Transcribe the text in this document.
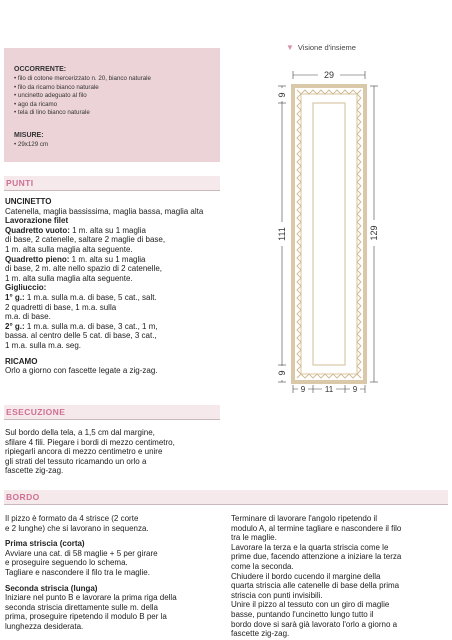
OCCORRENTE:
• filo di cotone mercerizzato n. 20, bianco naturale
• filo da ricamo bianco naturale
• uncinetto adeguato al filo
• ago da ricamo
• tela di lino bianco naturale
MISURE:
• 29x129 cm
▼ Visione d'insieme
29
9
111
9
129
9 11 9
PUNTI

UNCINETTO

Catenella, maglia bassissima, maglia bassa, maglia alta

Lavorazione filet

Quadretto vuoto: 1 m. alta su 1 maglia

di base, 2 catenelle, saltare 2 maglie di base,

1 m. alta sulla maglia alta seguente.

Quadretto pieno: 1 m. alta su 1 maglia

di base, 2 m. alte nello spazio di 2 catenelle,

1 m. alta sulla maglia alta seguente.

Gigliuccio:

1° g.: 1 m.a. sulla m.a. di base, 5 cat., salt.

2 quadretti di base, 1 m.a. sulla

m.a. di base.

2° g.: 1 m.a. sulla m.a. di base, 3 cat., 1 m,

bassa. al centro delle 5 cat. di base, 3 cat.,

1 m.a. sulla m.a. seg.

RICAMO

Orlo a giorno con fascette legate a zig-zag.

ESECUZIONE

Sul bordo della tela, a 1,5 cm dal margine,

sfilare 4 fili. Piegare i bordi di mezzo centimetro,

ripiegarli ancora di mezzo centimetro e unire

gli strati del tessuto ricamando un orlo a

fascette zig-zag.

BORDO

Il pizzo è formato da 4 strisce (2 corte

e 2 lunghe) che si lavorano in sequenza.

Prima striscia (corta)

Avviare una cat. di 58 maglie + 5 per girare

e proseguire seguendo lo schema.

Tagliare e nascondere il filo tra le maglie.

Seconda striscia (lunga)

Iniziare nel punto B e lavorare la prima riga della

seconda striscia direttamente sulle m. della

prima, proseguire ripetendo il modulo B per la

lunghezza desiderata.

Terminare di lavorare l'angolo ripetendo il

modulo A, al termine tagliare e nascondere il filo

tra le maglie.

Lavorare la terza e la quarta striscia come le

prime due, facendo attenzione a iniziare la terza

come la seconda.

Chiudere il bordo cucendo il margine della

quarta striscia alle catenelle di base della prima

striscia con punti invisibili.

Unire il pizzo al tessuto con un giro di maglie

basse, puntando l'uncinetto lungo tutto il

bordo dove si sarà già lavorato l'orlo a giorno a

fascette zig-zag.
